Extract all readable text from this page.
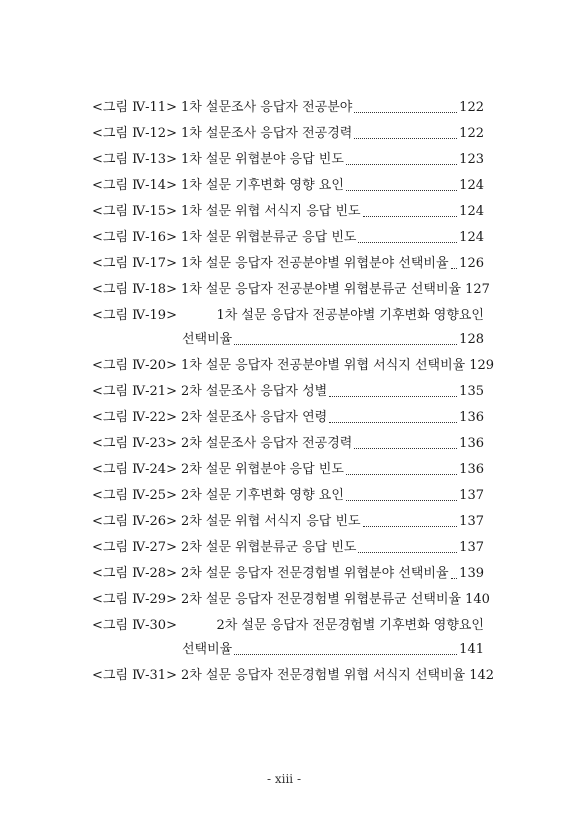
<그림 Ⅳ-11> 1차 설문조사 응답자 전공분야	122
<그림 Ⅳ-12> 1차 설문조사 응답자 전공경력	122
<그림 Ⅳ-13> 1차 설문 위협분야 응답 빈도	123
<그림 Ⅳ-14> 1차 설문 기후변화 영향 요인	124
<그림 Ⅳ-15> 1차 설문 위협 서식지 응답 빈도	124
<그림 Ⅳ-16> 1차 설문 위협분류군 응답 빈도	124
<그림 Ⅳ-17> 1차 설문 응답자 전공분야별 위협분야 선택비율 126
<그림 Ⅳ-18> 1차 설문 응답자 전공분야별 위협분류군 선택비율 127
<그림 Ⅳ-19>	1차 설문 응답자 전공분야별 기후변화 영향요인
선택비율	128
<그림 Ⅳ-20> 1차 설문 응답자 전공분야별 위협 서식지 선택비율 129
<그림 Ⅳ-21> 2차 설문조사 응답자 성별	135
<그림 Ⅳ-22> 2차 설문조사 응답자 연령	136
<그림 Ⅳ-23> 2차 설문조사 응답자 전공경력	136
<그림 Ⅳ-24> 2차 설문 위협분야 응답 빈도	136
<그림 Ⅳ-25> 2차 설문 기후변화 영향 요인	137
<그림 Ⅳ-26> 2차 설문 위협 서식지 응답 빈도	137
<그림 Ⅳ-27> 2차 설문 위협분류군 응답 빈도	137
<그림 Ⅳ-28> 2차 설문 응답자 전문경험별 위협분야 선택비율 139
<그림 Ⅳ-29> 2차 설문 응답자 전문경험별 위협분류군 선택비율 140
<그림 Ⅳ-30>	2차 설문 응답자 전문경험별 기후변화 영향요인
선택비율	141
<그림 Ⅳ-31> 2차 설문 응답자 전문경험별 위협 서식지 선택비율 142
- xiii -
